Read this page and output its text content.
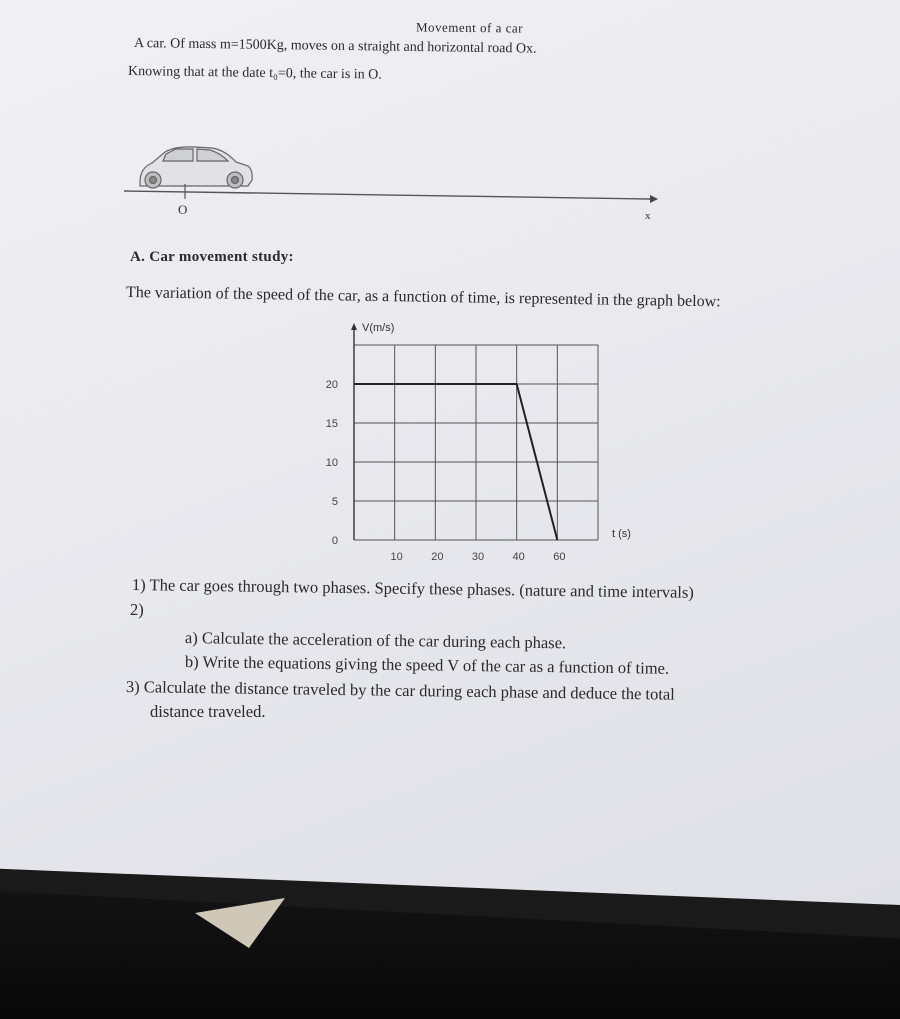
Movement of a car
A car. Of mass m=1500Kg, moves on a straight and horizontal road Ox.
Knowing that at the date t₀=0, the car is in O.
O	x
A. Car movement study:
The variation of the speed of the car, as a function of time, is represented in the graph below:
20
15
10
5
0
10	20	30	40	60
V(m/s)
t (s)
1) The car goes through two phases. Specify these phases. (nature and time intervals)
2)
a) Calculate the acceleration of the car during each phase.
b) Write the equations giving the speed V of the car as a function of time.
3) Calculate the distance traveled by the car during each phase and deduce the total
distance traveled.
